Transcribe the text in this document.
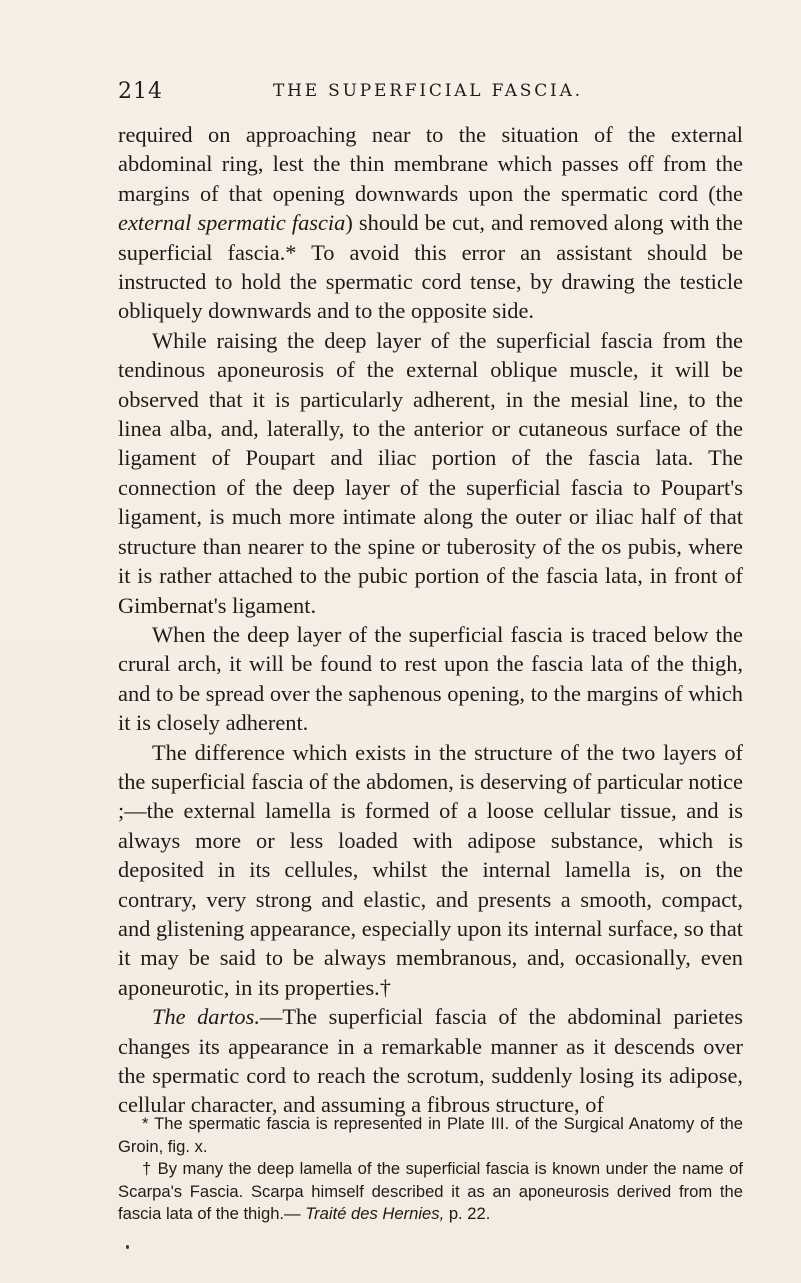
214	THE SUPERFICIAL FASCIA.

required on approaching near to the situation of the external abdominal ring, lest the thin membrane which passes off from the margins of that opening downwards upon the spermatic cord (the external spermatic fascia) should be cut, and removed along with the superficial fascia.* To avoid this error an assistant should be instructed to hold the spermatic cord tense, by drawing the testicle obliquely downwards and to the opposite side.

While raising the deep layer of the superficial fascia from the tendinous aponeurosis of the external oblique muscle, it will be observed that it is particularly adherent, in the mesial line, to the linea alba, and, laterally, to the anterior or cutaneous surface of the ligament of Poupart and iliac portion of the fascia lata. The connection of the deep layer of the superficial fascia to Poupart's ligament, is much more intimate along the outer or iliac half of that structure than nearer to the spine or tuberosity of the os pubis, where it is rather attached to the pubic portion of the fascia lata, in front of Gimbernat's ligament.

When the deep layer of the superficial fascia is traced below the crural arch, it will be found to rest upon the fascia lata of the thigh, and to be spread over the saphenous opening, to the margins of which it is closely adherent.

The difference which exists in the structure of the two layers of the superficial fascia of the abdomen, is deserving of particular notice ;—the external lamella is formed of a loose cellular tissue, and is always more or less loaded with adipose substance, which is deposited in its cellules, whilst the internal lamella is, on the contrary, very strong and elastic, and presents a smooth, compact, and glistening appearance, especially upon its internal surface, so that it may be said to be always membranous, and, occasionally, even aponeurotic, in its properties.†

The dartos.—The superficial fascia of the abdominal parietes changes its appearance in a remarkable manner as it descends over the spermatic cord to reach the scrotum, suddenly losing its adipose, cellular character, and assuming a fibrous structure, of

* The spermatic fascia is represented in Plate III. of the Surgical Anatomy of the Groin, fig. x.

† By many the deep lamella of the superficial fascia is known under the name of Scarpa's Fascia. Scarpa himself described it as an aponeurosis derived from the fascia lata of the thigh.— Traité des Hernies, p. 22.
